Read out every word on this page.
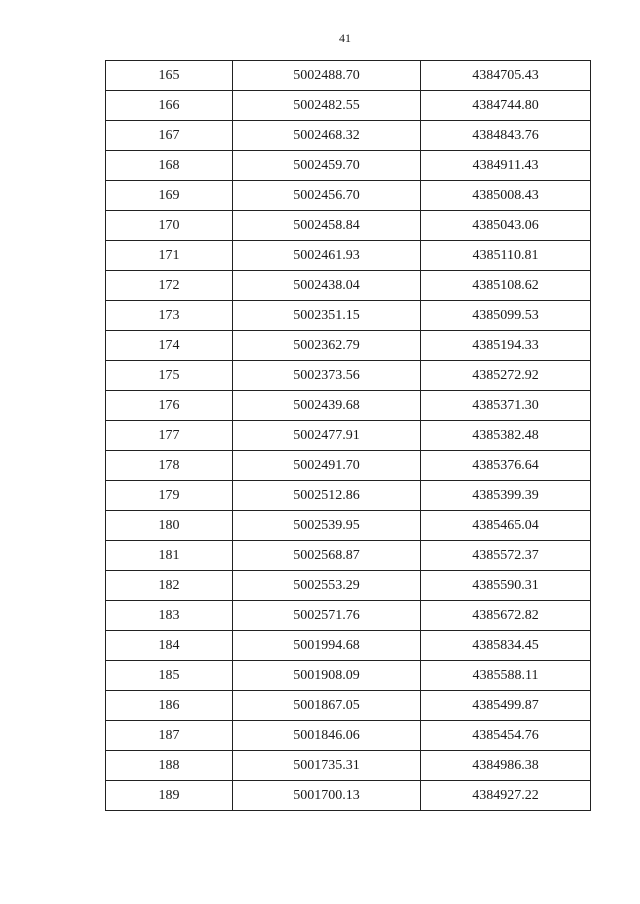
41
165	5002488.70	4384705.43
166	5002482.55	4384744.80
167	5002468.32	4384843.76
168	5002459.70	4384911.43
169	5002456.70	4385008.43
170	5002458.84	4385043.06
171	5002461.93	4385110.81
172	5002438.04	4385108.62
173	5002351.15	4385099.53
174	5002362.79	4385194.33
175	5002373.56	4385272.92
176	5002439.68	4385371.30
177	5002477.91	4385382.48
178	5002491.70	4385376.64
179	5002512.86	4385399.39
180	5002539.95	4385465.04
181	5002568.87	4385572.37
182	5002553.29	4385590.31
183	5002571.76	4385672.82
184	5001994.68	4385834.45
185	5001908.09	4385588.11
186	5001867.05	4385499.87
187	5001846.06	4385454.76
188	5001735.31	4384986.38
189	5001700.13	4384927.22
